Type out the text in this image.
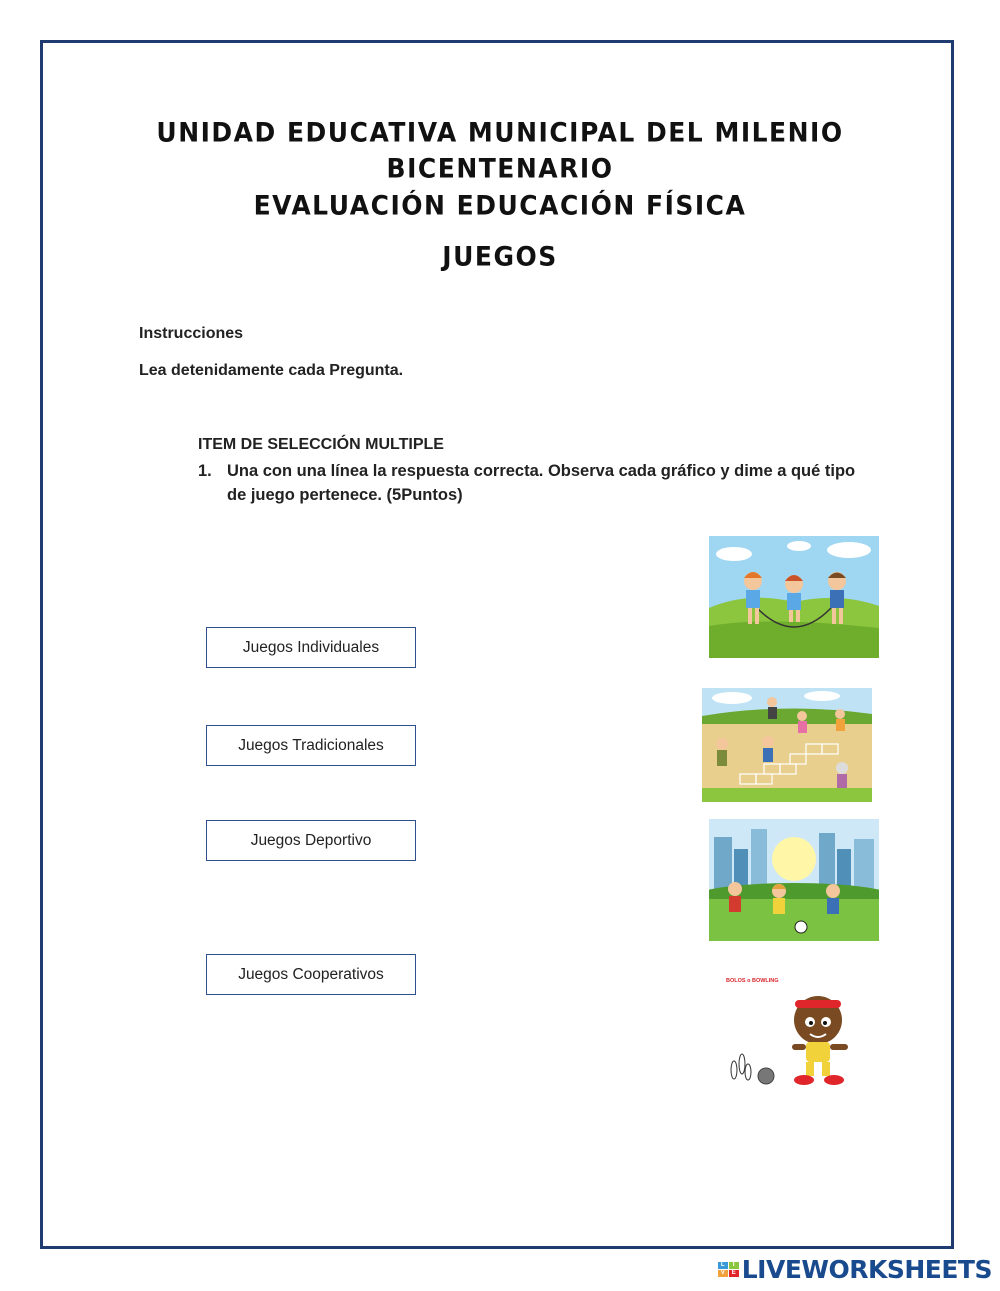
UNIDAD EDUCATIVA MUNICIPAL DEL MILENIO
BICENTENARIO
EVALUACIÓN EDUCACIÓN FÍSICA
JUEGOS
Instrucciones
Lea detenidamente cada Pregunta.
ITEM DE SELECCIÓN MULTIPLE
1. Una con una línea la respuesta correcta. Observa cada gráfico y dime a qué tipo de juego pertenece. (5Puntos)
Juegos Individuales
Juegos Tradicionales
Juegos Deportivo
Juegos Cooperativos	BOLOS o BOWLING
L	I
V	E LIVEWORKSHEETS
